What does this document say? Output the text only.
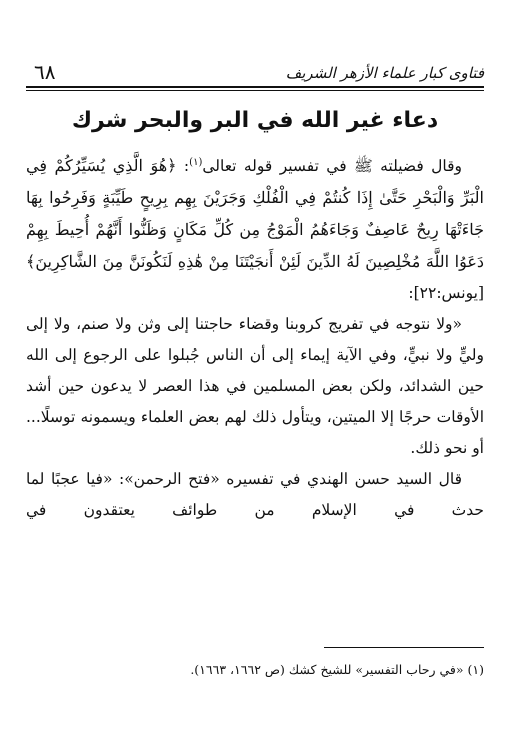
فتاوى كبار علماء الأزهر الشريف
٦٨
دعاء غير الله في البر والبحر شرك

وقال فضيلته ﷺ في تفسير قوله تعالى$^{(١)}$: ﴿هُوَ الَّذِي يُسَيِّرُكُمْ فِي الْبَرِّ وَالْبَحْرِ حَتَّىٰ إِذَا كُنتُمْ فِي الْفُلْكِ وَجَرَيْنَ بِهِم بِرِيحٍ طَيِّبَةٍ وَفَرِحُوا بِهَا جَاءَتْهَا رِيحٌ عَاصِفٌ وَجَاءَهُمُ الْمَوْجُ مِن كُلِّ مَكَانٍ وَظَنُّوا أَنَّهُمْ أُحِيطَ بِهِمْ دَعَوُا اللَّهَ مُخْلِصِينَ لَهُ الدِّينَ لَئِنْ أَنجَيْتَنَا مِنْ هَٰذِهِ لَنَكُونَنَّ مِنَ الشَّاكِرِينَ﴾ [يونس:٢٢]:

«ولا نتوجه في تفريج كروبنا وقضاء حاجتنا إلى وثن ولا صنم، ولا إلى وليٍّ ولا نبيٍّ، وفي الآية إيماء إلى أن الناس جُبلوا على الرجوع إلى الله حين الشدائد، ولكن بعض المسلمين في هذا العصر لا يدعون حين أشد الأوقات حرجًا إلا الميتين، ويتأول ذلك لهم بعض العلماء ويسمونه توسلًا... أو نحو ذلك.

قال السيد حسن الهندي في تفسيره «فتح الرحمن»: «فيا عجبًا لما حدث في الإسلام من طوائف يعتقدون في

(١) «في رحاب التفسير» للشيخ كشك (ص ١٦٦٢، ١٦٦٣).
